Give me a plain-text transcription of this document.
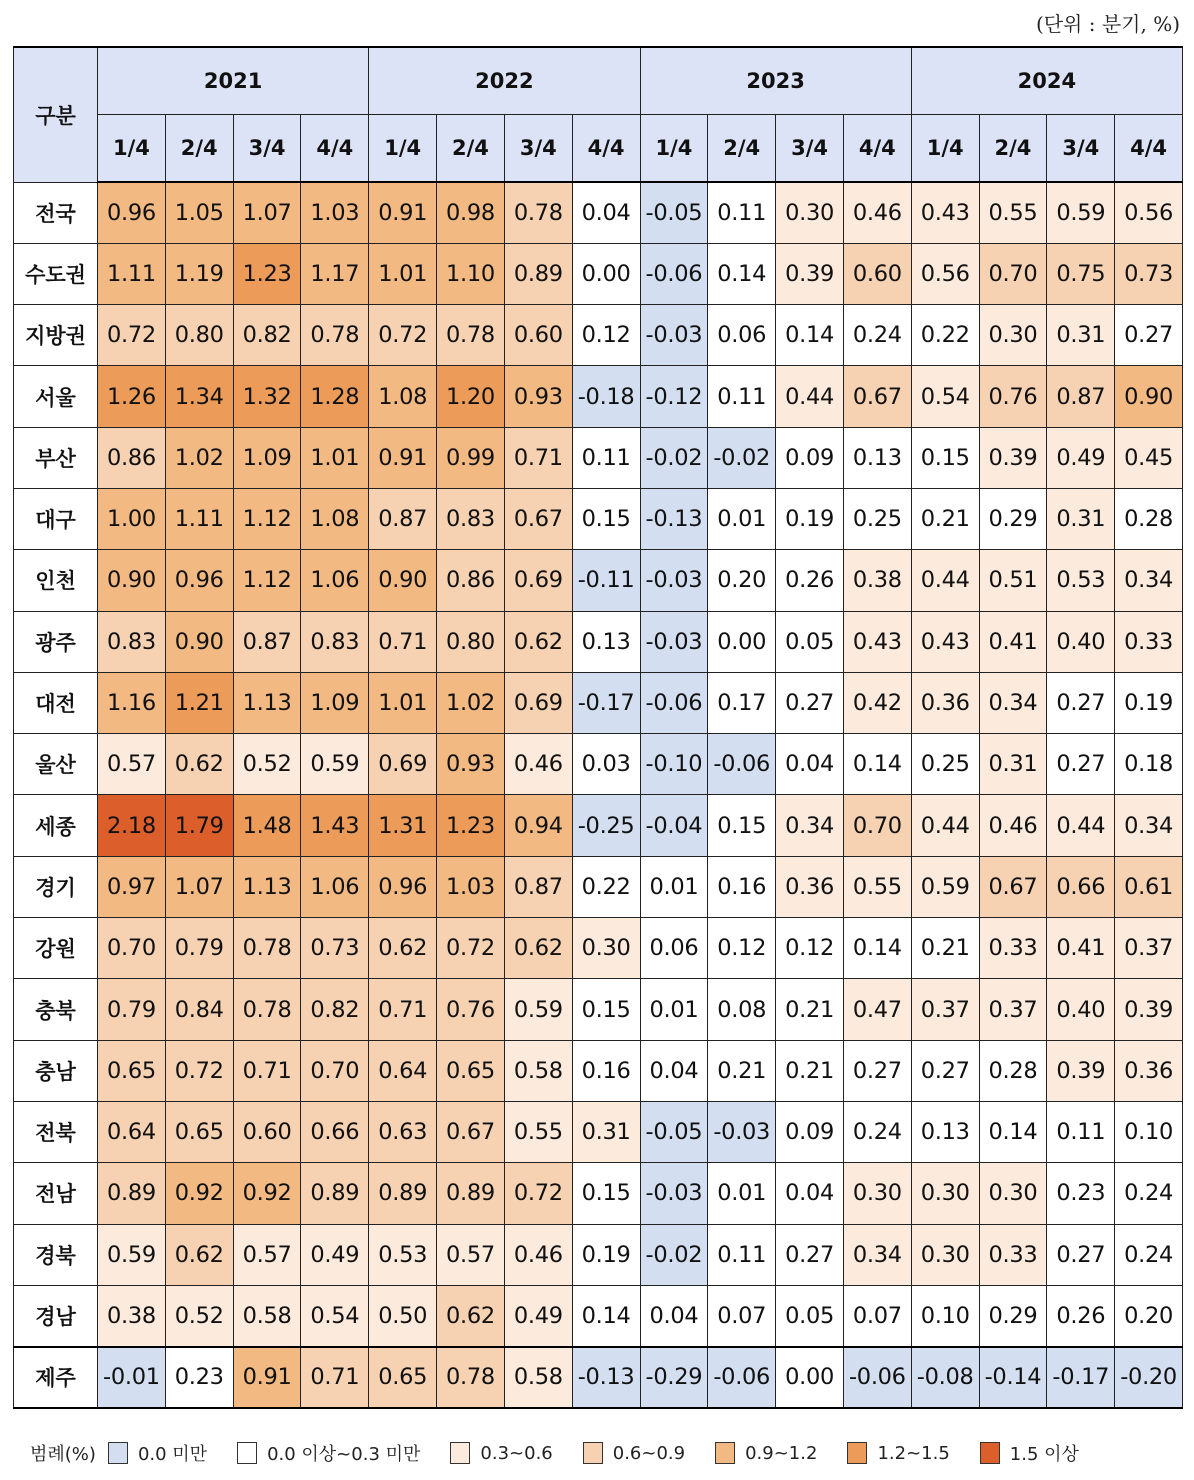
(단위 : 분기, %)
구분	2021				2022				2023				2024			
	1/4	2/4	3/4	4/4	1/4	2/4	3/4	4/4	1/4	2/4	3/4	4/4	1/4	2/4	3/4	4/4
전국	0.96	1.05	1.07	1.03	0.91	0.98	0.78	0.04	-0.05	0.11	0.30	0.46	0.43	0.55	0.59	0.56
수도권	1.11	1.19	1.23	1.17	1.01	1.10	0.89	0.00	-0.06	0.14	0.39	0.60	0.56	0.70	0.75	0.73
지방권	0.72	0.80	0.82	0.78	0.72	0.78	0.60	0.12	-0.03	0.06	0.14	0.24	0.22	0.30	0.31	0.27
서울	1.26	1.34	1.32	1.28	1.08	1.20	0.93	-0.18	-0.12	0.11	0.44	0.67	0.54	0.76	0.87	0.90
부산	0.86	1.02	1.09	1.01	0.91	0.99	0.71	0.11	-0.02	-0.02	0.09	0.13	0.15	0.39	0.49	0.45
대구	1.00	1.11	1.12	1.08	0.87	0.83	0.67	0.15	-0.13	0.01	0.19	0.25	0.21	0.29	0.31	0.28
인천	0.90	0.96	1.12	1.06	0.90	0.86	0.69	-0.11	-0.03	0.20	0.26	0.38	0.44	0.51	0.53	0.34
광주	0.83	0.90	0.87	0.83	0.71	0.80	0.62	0.13	-0.03	0.00	0.05	0.43	0.43	0.41	0.40	0.33
대전	1.16	1.21	1.13	1.09	1.01	1.02	0.69	-0.17	-0.06	0.17	0.27	0.42	0.36	0.34	0.27	0.19
울산	0.57	0.62	0.52	0.59	0.69	0.93	0.46	0.03	-0.10	-0.06	0.04	0.14	0.25	0.31	0.27	0.18
세종	2.18	1.79	1.48	1.43	1.31	1.23	0.94	-0.25	-0.04	0.15	0.34	0.70	0.44	0.46	0.44	0.34
경기	0.97	1.07	1.13	1.06	0.96	1.03	0.87	0.22	0.01	0.16	0.36	0.55	0.59	0.67	0.66	0.61
강원	0.70	0.79	0.78	0.73	0.62	0.72	0.62	0.30	0.06	0.12	0.12	0.14	0.21	0.33	0.41	0.37
충북	0.79	0.84	0.78	0.82	0.71	0.76	0.59	0.15	0.01	0.08	0.21	0.47	0.37	0.37	0.40	0.39
충남	0.65	0.72	0.71	0.70	0.64	0.65	0.58	0.16	0.04	0.21	0.21	0.27	0.27	0.28	0.39	0.36
전북	0.64	0.65	0.60	0.66	0.63	0.67	0.55	0.31	-0.05	-0.03	0.09	0.24	0.13	0.14	0.11	0.10
전남	0.89	0.92	0.92	0.89	0.89	0.89	0.72	0.15	-0.03	0.01	0.04	0.30	0.30	0.30	0.23	0.24
경북	0.59	0.62	0.57	0.49	0.53	0.57	0.46	0.19	-0.02	0.11	0.27	0.34	0.30	0.33	0.27	0.24
경남	0.38	0.52	0.58	0.54	0.50	0.62	0.49	0.14	0.04	0.07	0.05	0.07	0.10	0.29	0.26	0.20
제주	-0.01	0.23	0.91	0.71	0.65	0.78	0.58	-0.13	-0.29	-0.06	0.00	-0.06	-0.08	-0.14	-0.17	-0.20
범례(%) 0.0 미만	0.0 이상~0.3 미만	0.3~0.6	0.6~0.9	0.9~1.2	1.2~1.5	1.5 이상
